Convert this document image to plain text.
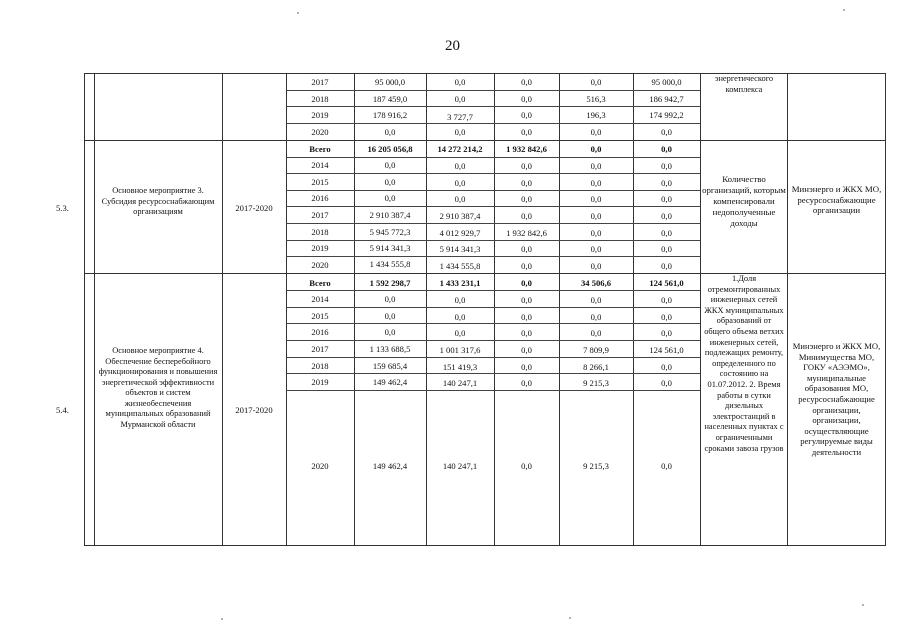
20
2017	95 000,0	0,0	0,0	0,0	95 000,0
2018	187 459,0	0,0	0,0	516,3	186 942,7
2019	178 916,2	3 727,7	0,0	196,3	174 992,2
2020	0,0	0,0	0,0	0,0	0,0
энергетического комплекса
5.3.
Основное мероприятие 3. Субсидия ресурсоснабжающим организациям	2017-2020
Всего	16 205 056,8	14 272 214,2	1 932 842,6	0,0	0,0
2014	0,0	0,0	0,0	0,0	0,0
2015	0,0	0,0	0,0	0,0	0,0
2016	0,0	0,0	0,0	0,0	0,0
2017	2 910 387,4	2 910 387,4	0,0	0,0	0,0
2018	5 945 772,3	4 012 929,7	1 932 842,6	0,0	0,0
2019	5 914 341,3	5 914 341,3	0,0	0,0	0,0
2020	1 434 555,8	1 434 555,8	0,0	0,0	0,0
Количество организаций, которым компенсировали недополученные доходы
Минэнерго и ЖКХ МО, ресурсоснабжающие организации
5.4.
Основное мероприятие 4. Обеспечение бесперебойного функционирования и повышения энергетической эффективности объектов и систем жизнеобеспечения муниципальных образований Мурманской области
2017-2020
Всего	1 592 298,7	1 433 231,1	0,0	34 506,6	124 561,0
2014	0,0	0,0	0,0	0,0	0,0
2015	0,0	0,0	0,0	0,0	0,0
2016	0,0	0,0	0,0	0,0	0,0
2017	1 133 688,5	1 001 317,6	0,0	7 809,9	124 561,0
2018	159 685,4	151 419,3	0,0	8 266,1	0,0
2019	149 462,4	140 247,1	0,0	9 215,3	0,0
2020	149 462,4	140 247,1	0,0	9 215,3	0,0
1.Доля отремонтированных инженерных сетей ЖКХ муниципальных образований от общего объема ветхих инженерных сетей, подлежащих ремонту, определенного по состоянию на 01.07.2012. 2. Время работы в сутки дизельных электростанций в населенных пунктах с ограниченными сроками завоза грузов
Минэнерго и ЖКХ МО, Минимущества МО, ГОКУ «АЭЭМО», муниципальные образования МО, ресурсоснабжающие организации, организации, осуществляющие регулируемые виды деятельности
